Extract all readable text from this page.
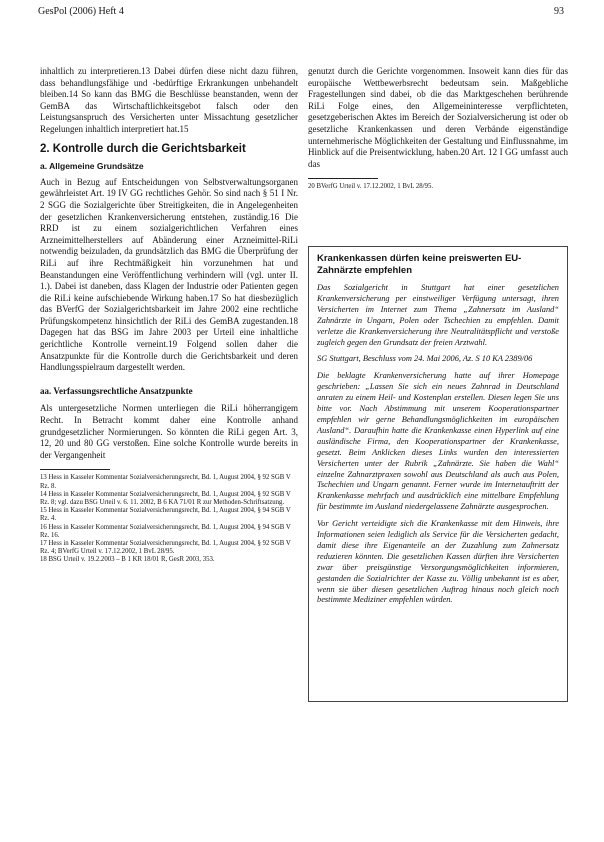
GesPol (2006) Heft 4	93

inhaltlich zu interpretieren.13 Dabei dürfen diese nicht dazu führen, dass behandlungsfähige und -bedürftige Erkrankungen unbehandelt bleiben.14 So kann das BMG die Beschlüsse beanstanden, wenn der GemBA das Wirtschaftlichkeitsgebot falsch oder den Leistungsanspruch des Versicherten unter Missachtung gesetzlicher Regelungen inhaltlich interpretiert hat.15

2. Kontrolle durch die Gerichtsbarkeit
a. Allgemeine Grundsätze

Auch in Bezug auf Entscheidungen von Selbstverwaltungsorganen gewährleistet Art. 19 IV GG rechtliches Gehör. So sind nach § 51 I Nr. 2 SGG die Sozialgerichte über Streitigkeiten, die in Angelegenheiten der gesetzlichen Krankenversicherung entstehen, zuständig.16 Die RRD ist zu einem sozialgerichtlichen Verfahren eines Arzneimittelherstellers auf Abänderung einer Arzneimittel-RiLi notwendig beizuladen, da grundsätzlich das BMG die Überprüfung der RiLi auf ihre Rechtmäßigkeit hin vorzunehmen hat und Beanstandungen eine Veröffentlichung verhindern will (vgl. unter II. 1.). Dabei ist daneben, dass Klagen der Industrie oder Patienten gegen die RiLi keine aufschiebende Wirkung haben.17 So hat diesbezüglich das BVerfG der Sozialgerichtsbarkeit im Jahre 2002 eine rechtliche Prüfungskompetenz hinsichtlich der RiLi des GemBA zugestanden.18 Dagegen hat das BSG im Jahre 2003 per Urteil eine inhaltliche gerichtliche Kontrolle verneint.19 Folgend sollen daher die Ansatzpunkte für die Kontrolle durch die Gerichtsbarkeit und deren Handlungsspielraum dargestellt werden.

aa. Verfassungsrechtliche Ansatzpunkte

Als untergesetzliche Normen unterliegen die RiLi höherrangigem Recht. In Betracht kommt daher eine Kontrolle anhand grundgesetzlicher Normierungen. So könnten die RiLi gegen Art. 3, 12, 20 und 80 GG verstoßen. Eine solche Kontrolle wurde bereits in der Vergangenheit

13 Hess in Kasseler Kommentar Sozialversicherungsrecht, Bd. 1, August 2004, § 92 SGB V Rz. 8.

14 Hess in Kasseler Kommentar Sozialversicherungsrecht, Bd. 1, August 2004, § 92 SGB V Rz. 8; vgl. dazu BSG Urteil v. 6. 11. 2002, B 6 KA 71/01 R zur Methoden-Schriftsatzung.

15 Hess in Kasseler Kommentar Sozialversicherungsrecht, Bd. 1, August 2004, § 94 SGB V Rz. 4.

16 Hess in Kasseler Kommentar Sozialversicherungsrecht, Bd. 1, August 2004, § 94 SGB V Rz. 16.

17 Hess in Kasseler Kommentar Sozialversicherungsrecht, Bd. 1, August 2004, § 92 SGB V Rz. 4; BVerfG Urteil v. 17.12.2002, 1 BvL 28/95.

18 BSG Urteil v. 19.2.2003 – B 1 KR 18/01 R, GesR 2003, 353.

genutzt durch die Gerichte vorgenommen. Insoweit kann dies für das europäische Wettbewerbsrecht bedeutsam sein. Maßgebliche Fragestellungen sind dabei, ob die das Marktgeschehen berührende RiLi Folge eines, den Allgemeininteresse verpflichteten, gesetzgeberischen Aktes im Bereich der Sozialversicherung ist oder ob gesetzliche Krankenkassen und deren Verbände eigenständige unternehmerische Möglichkeiten der Gestaltung und Einflussnahme, im Hinblick auf die Preisentwicklung, haben.20 Art. 12 I GG umfasst auch das

20 BVerfG Urteil v. 17.12.2002, 1 BvL 28/95.

Krankenkassen dürfen keine preiswerten EU-Zahnärzte empfehlen

Das Sozialgericht in Stuttgart hat einer gesetzlichen Krankenversicherung per einstweiliger Verfügung untersagt, ihren Versicherten im Internet zum Thema „Zahnersatz im Ausland“ Zahnärzte in Ungarn, Polen oder Tschechien zu empfehlen. Damit verletze die Krankenversicherung ihre Neutralitätspflicht und verstoße zugleich gegen den Grundsatz der freien Arztwahl.

SG Stuttgart, Beschluss vom 24. Mai 2006, Az. S 10 KA 2389/06

Die beklagte Krankenversicherung hatte auf ihrer Homepage geschrieben: „Lassen Sie sich ein neues Zahnrad in Deutschland anraten zu einem Heil- und Kostenplan erstellen. Diesen legen Sie uns bitte vor. Nach Abstimmung mit unserem Kooperationspartner empfehlen wir gerne Behandlungsmöglichkeiten im europäischen Ausland“. Daraufhin hatte die Krankenkasse einen Hyperlink auf eine ausländische Firma, den Kooperationspartner der Krankenkasse, gesetzt. Beim Anklicken dieses Links wurden den interessierten Versicherten unter der Rubrik „Zahnärzte. Sie haben die Wahl“ einzelne Zahnarztpraxen sowohl aus Deutschland als auch aus Polen, Tschechien und Ungarn genannt. Ferner wurde im Internetauftritt der Krankenkasse mehrfach und ausdrücklich eine mittelbare Empfehlung für bestimmte im Ausland niedergelassene Zahnärzte ausgesprochen.

Vor Gericht verteidigte sich die Krankenkasse mit dem Hinweis, ihre Informationen seien lediglich als Service für die Versicherten gedacht, damit diese ihre Eigenanteile an der Zuzahlung zum Zahnersatz reduzieren könnten. Die gesetzlichen Kassen dürften ihre Versicherten zwar über preisgünstige Versorgungsmöglichkeiten informieren, gestanden die Sozialrichter der Kasse zu. Völlig unbekannt ist es aber, wenn sie über diesen gesetzlichen Auftrag hinaus noch gleich noch bestimmte Mediziner empfehlen würden.
